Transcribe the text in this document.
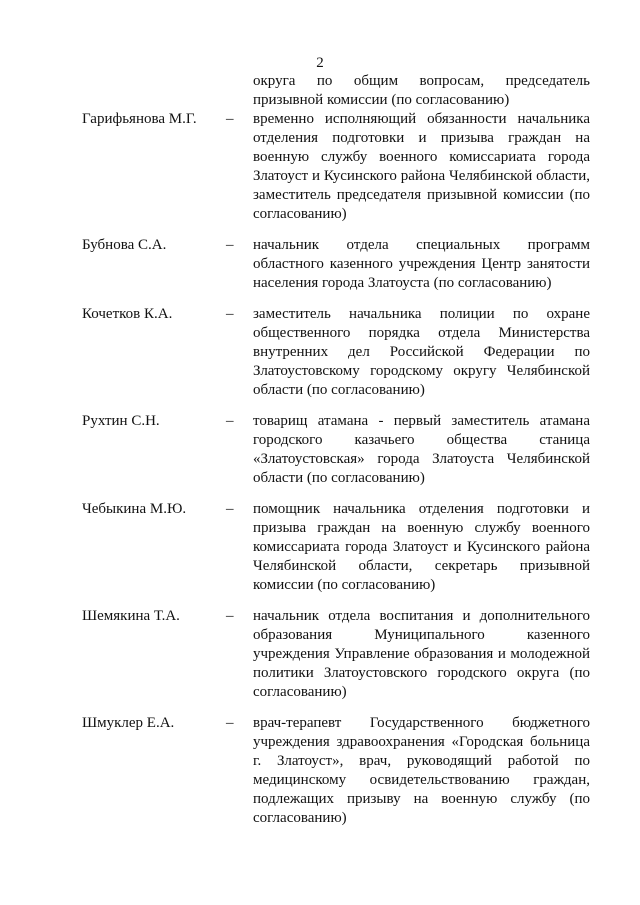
2
округа по общим вопросам, председатель призывной комиссии (по согласованию)
Гарифьянова М.Г. – временно исполняющий обязанности начальника отделения подготовки и призыва граждан на военную службу военного комиссариата города Златоуст и Кусинского района Челябинской области, заместитель председателя призывной комиссии (по согласованию)
Бубнова С.А.	– начальник отдела специальных программ областного казенного учреждения Центр занятости населения города Златоуста (по согласованию)
Кочетков К.А.	– заместитель начальника полиции по охране общественного порядка отдела Министерства внутренних дел Российской Федерации по Златоустовскому городскому округу Челябинской области (по согласованию)
Рухтин С.Н.	– товарищ атамана - первый заместитель атамана городского казачьего общества станица «Златоустовская» города Златоуста Челябинской области (по согласованию)
Чебыкина М.Ю.	– помощник начальника отделения подготовки и призыва граждан на военную службу военного комиссариата города Златоуст и Кусинского района Челябинской области, секретарь призывной комиссии (по согласованию)
Шемякина Т.А.	– начальник отдела воспитания и дополнительного образования Муниципального казенного учреждения Управление образования и молодежной политики Златоустовского городского округа (по согласованию)
Шмуклер Е.А.	– врач-терапевт Государственного бюджетного учреждения здравоохранения «Городская больница г. Златоуст», врач, руководящий работой по медицинскому освидетельствованию граждан, подлежащих призыву на военную службу (по согласованию)
